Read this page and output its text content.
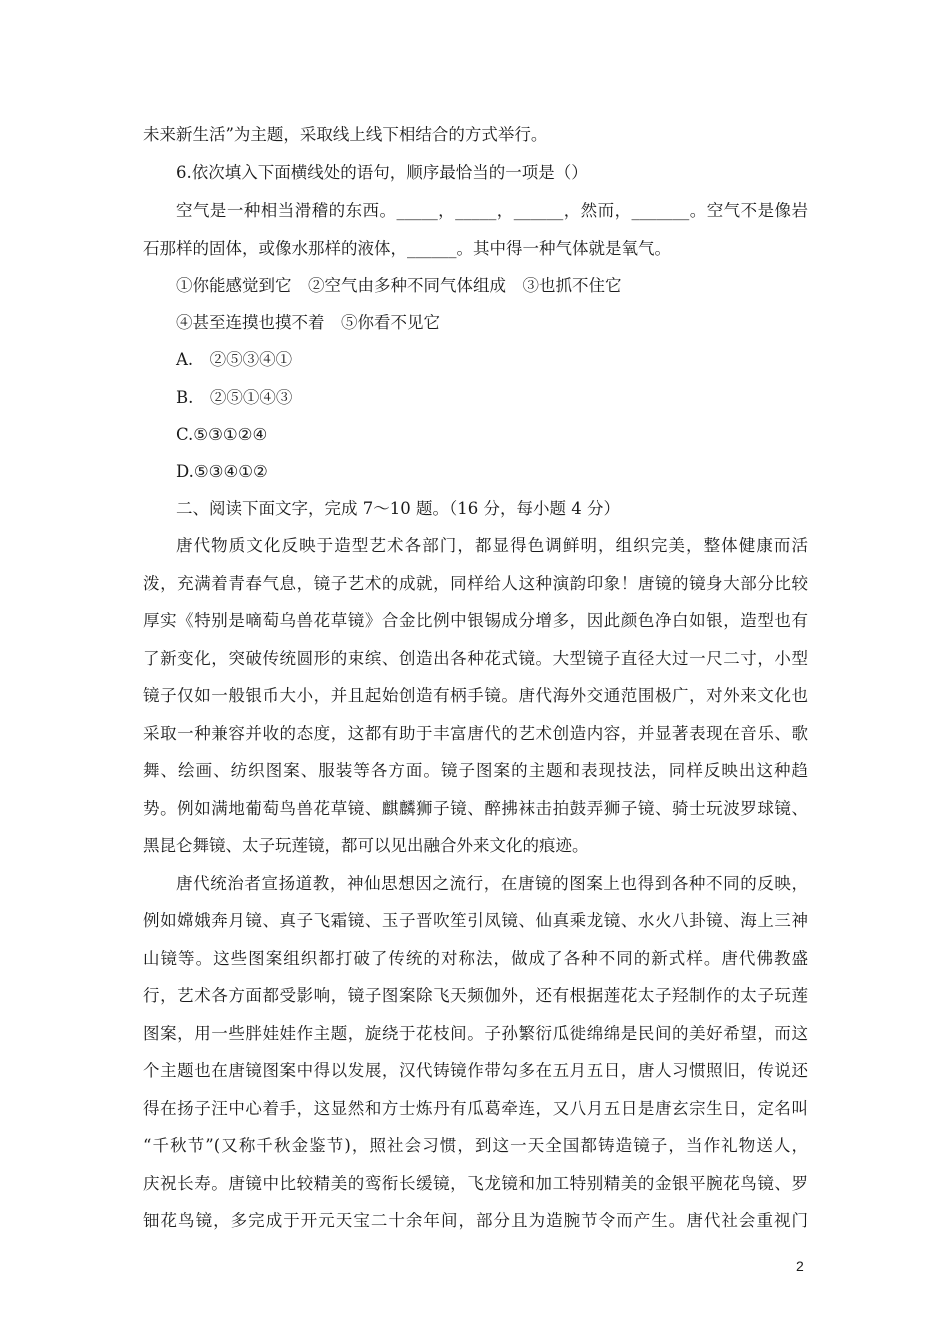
未来新生活”为主题，采取线上线下相结合的方式举行。
6.依次填入下面横线处的语句，顺序最恰当的一项是（）
空气是一种相当滑稽的东西。_____，_____，______，然而，_______。空气不是像岩
石那样的固体，或像水那样的液体，______。其中得一种气体就是氧气。
①你能感觉到它　②空气由多种不同气体组成　③也抓不住它
④甚至连摸也摸不着　⑤你看不见它
A.　②⑤③④①
B.　②⑤①④③
C.⑤③①②④
D.⑤③④①②
二、阅读下面文字，完成 7～10 题。（16 分，每小题 4 分）
唐代物质文化反映于造型艺术各部门，都显得色调鲜明，组织完美，整体健康而活
泼，充满着青春气息，镜子艺术的成就，同样给人这种演韵印象！唐镜的镜身大部分比较
厚实《特别是嘀萄乌兽花草镜》合金比例中银锡成分增多，因此颜色净白如银，造型也有
了新变化，突破传统圆形的束缤、创造出各种花式镜。大型镜子直径大过一尺二寸，小型
镜子仅如一般银币大小，并且起始创造有柄手镜。唐代海外交通范围极广，对外来文化也
采取一种兼容并收的态度，这都有助于丰富唐代的艺术创造内容，并显著表现在音乐、歌
舞、绘画、纺织图案、服装等各方面。镜子图案的主题和表现技法，同样反映出这种趋
势。例如满地葡萄鸟兽花草镜、麒麟狮子镜、醉拂袜击拍鼓弄狮子镜、骑士玩波罗球镜、
黑昆仑舞镜、太子玩莲镜，都可以见出融合外来文化的痕迹。
唐代统治者宣扬道教，神仙思想因之流行，在唐镜的图案上也得到各种不同的反映，
例如嫦娥奔月镜、真子飞霜镜、玉子晋吹笙引凤镜、仙真乘龙镜、水火八卦镜、海上三神
山镜等。这些图案组织都打破了传统的对称法，做成了各种不同的新式样。唐代佛教盛
行，艺术各方面都受影响，镜子图案除飞天频伽外，还有根据莲花太子羟制作的太子玩莲
图案，用一些胖娃娃作主题，旋绕于花枝间。子孙繁衍瓜徙绵绵是民间的美好希望，而这
个主题也在唐镜图案中得以发展，汉代铸镜作带勾多在五月五日，唐人习惯照旧，传说还
得在扬子汪中心着手，这显然和方士炼丹有瓜葛牵连，又八月五日是唐玄宗生日，定名叫
“千秋节”(又称千秋金鉴节)，照社会习惯，到这一天全国都铸造镜子，当作礼物送人，
庆祝长寿。唐镜中比较精美的鸾衔长缓镜，飞龙镜和加工特别精美的金银平腕花鸟镜、罗
钿花鸟镜，多完成于开元天宝二十余年间，部分且为造腕节令而产生。唐代社会重视门
2
